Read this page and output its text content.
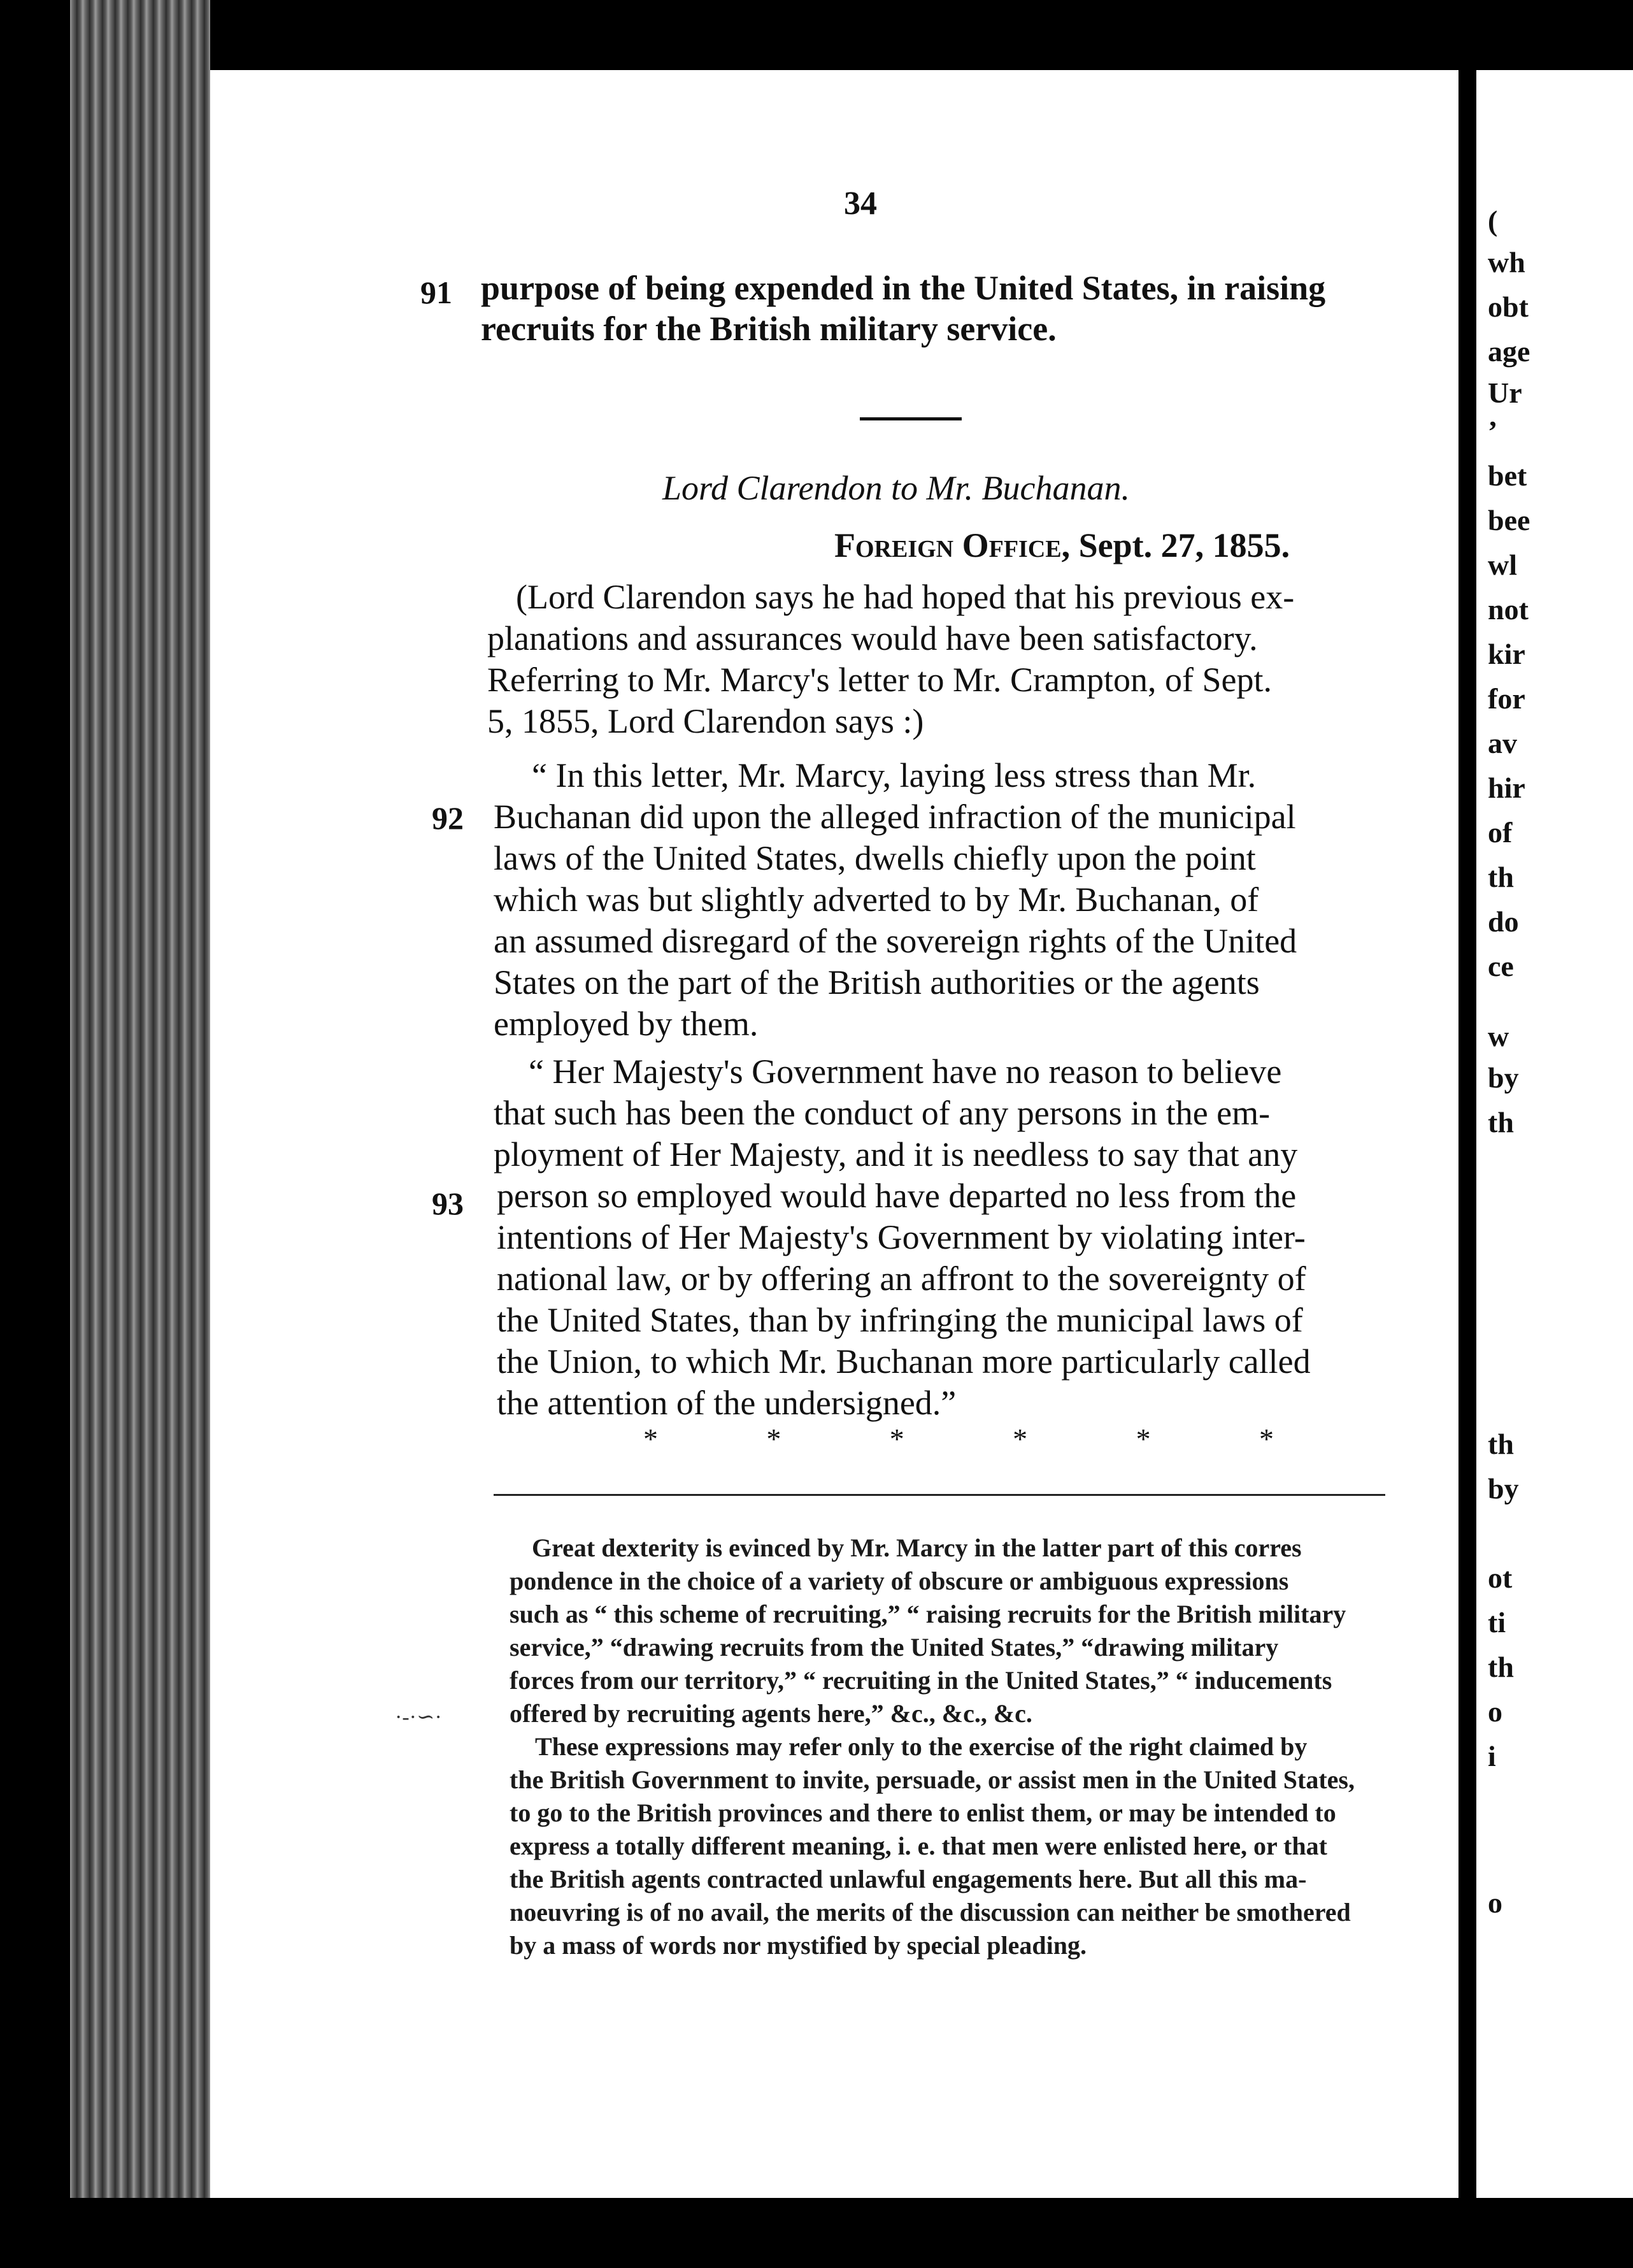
(
wh
obt
age
Ur
’
bet
bee
wl
not
kir
for
av
hir
of
th
do
ce
w
by
th
th
by
ot
ti
th
o
i
o
34
91
92
93
purpose of being expended in the United States, in raising
recruits for the British military service.
Lord Clarendon to Mr. Buchanan.
Foreign Office, Sept. 27, 1855.
(Lord Clarendon says he had hoped that his previous ex-
planations and assurances would have been satisfactory.
Referring to Mr. Marcy's letter to Mr. Crampton, of Sept.
5, 1855, Lord Clarendon says :)
“ In this letter, Mr. Marcy, laying less stress than Mr.
Buchanan did upon the alleged infraction of the municipal
laws of the United States, dwells chiefly upon the point
which was but slightly adverted to by Mr. Buchanan, of
an assumed disregard of the sovereign rights of the United
States on the part of the British authorities or the agents
employed by them.
“ Her Majesty's Government have no reason to believe
that such has been the conduct of any persons in the em-
ployment of Her Majesty, and it is needless to say that any
person so employed would have departed no less from the
intentions of Her Majesty's Government by violating inter-
national law, or by offering an affront to the sovereignty of
the United States, than by infringing the municipal laws of
the Union, to which Mr. Buchanan more particularly called
the attention of the undersigned.”
*	*	*	*	*	*
Great dexterity is evinced by Mr. Marcy in the latter part of this corres
pondence in the choice of a variety of obscure or ambiguous expressions
such as “ this scheme of recruiting,” “ raising recruits for the British military
service,” “drawing recruits from the United States,” “drawing military
forces from our territory,” “ recruiting in the United States,” “ inducements
offered by recruiting agents here,” &c., &c., &c.
These expressions may refer only to the exercise of the right claimed by
the British Government to invite, persuade, or assist men in the United States,
to go to the British provinces and there to enlist them, or may be intended to
express a totally different meaning, i. e. that men were enlisted here, or that
the British agents contracted unlawful engagements here. But all this ma-
noeuvring is of no avail, the merits of the discussion can neither be smothered
by a mass of words nor mystified by special pleading.
·-·∽·
